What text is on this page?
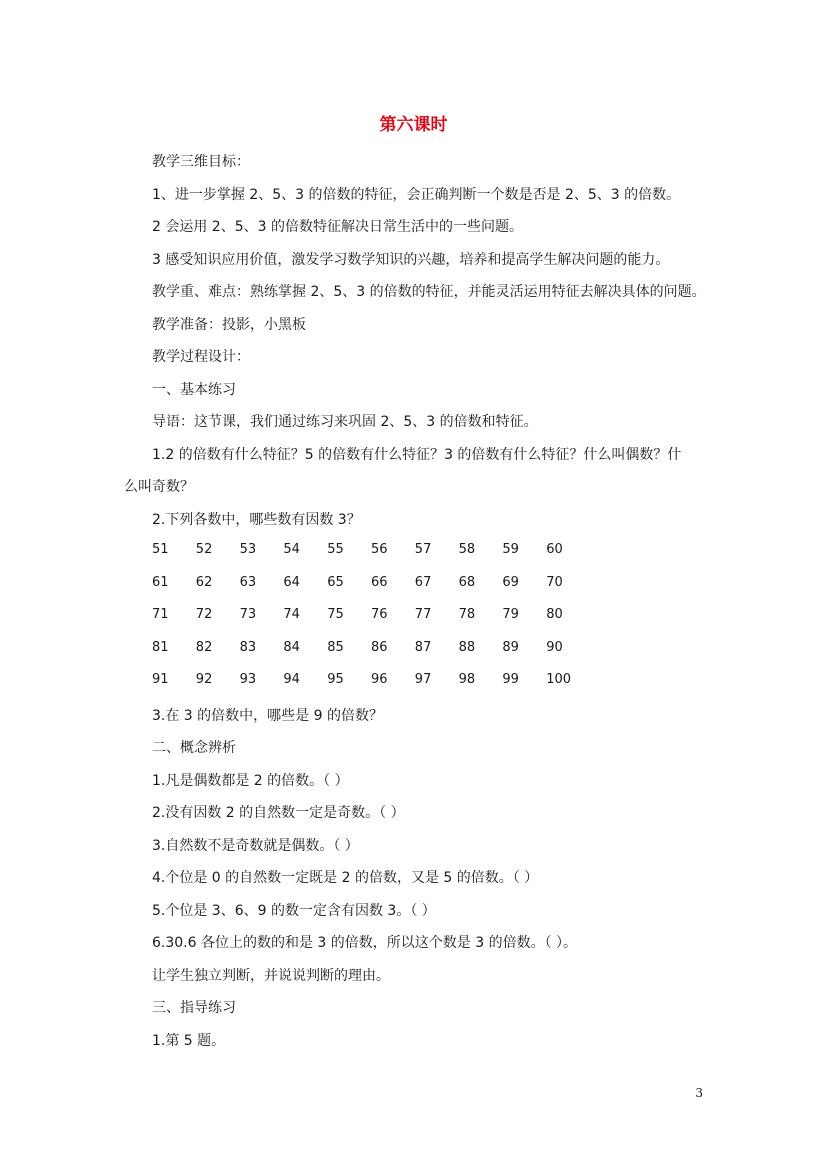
第六课时
教学三维目标：
1、进一步掌握 2、5、3 的倍数的特征，会正确判断一个数是否是 2、5、3 的倍数。
2 会运用 2、5、3 的倍数特征解决日常生活中的一些问题。
3 感受知识应用价值，激发学习数学知识的兴趣，培养和提高学生解决问题的能力。
教学重、难点：熟练掌握 2、5、3 的倍数的特征，并能灵活运用特征去解决具体的问题。
教学准备：投影，小黑板
教学过程设计：
一、基本练习
导语：这节课，我们通过练习来巩固 2、5、3 的倍数和特征。
1.2 的倍数有什么特征？5 的倍数有什么特征？3 的倍数有什么特征？什么叫偶数？什
么叫奇数？
2.下列各数中，哪些数有因数 3？
51 52 53 54 55 56 57 58 59 60
61 62 63 64 65 66 67 68 69 70
71 72 73 74 75 76 77 78 79 80
81 82 83 84 85 86 87 88 89 90
91 92 93 94 95 96 97 98 99 100
3.在 3 的倍数中，哪些是 9 的倍数？
二、概念辨析
1.凡是偶数都是 2 的倍数。（ ）
2.没有因数 2 的自然数一定是奇数。（ ）
3.自然数不是奇数就是偶数。（ ）
4.个位是 0 的自然数一定既是 2 的倍数，又是 5 的倍数。（ ）
5.个位是 3、6、9 的数一定含有因数 3。（ ）
6.30.6 各位上的数的和是 3 的倍数，所以这个数是 3 的倍数。（ ）。
让学生独立判断，并说说判断的理由。
三、指导练习
1.第 5 题。
3
